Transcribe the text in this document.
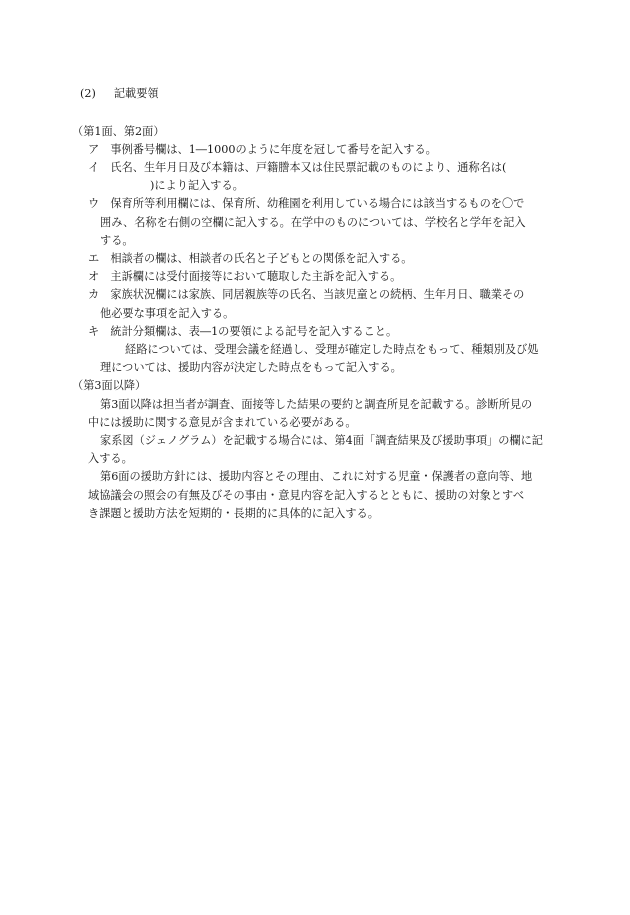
(2) 記載要領
（第1面、第2面）
ア　事例番号欄は、1―1000のように年度を冠して番号を記入する。
イ　氏名、生年月日及び本籍は、戸籍謄本又は住民票記載のものにより、通称名は(
)により記入する。
ウ　保育所等利用欄には、保育所、幼稚園を利用している場合には該当するものを〇で
囲み、名称を右側の空欄に記入する。在学中のものについては、学校名と学年を記入
する。
エ　相談者の欄は、相談者の氏名と子どもとの関係を記入する。
オ　主訴欄には受付面接等において聴取した主訴を記入する。
カ　家族状況欄には家族、同居親族等の氏名、当該児童との続柄、生年月日、職業その
他必要な事項を記入する。
キ　統計分類欄は、表―1の要領による記号を記入すること。
経路については、受理会議を経過し、受理が確定した時点をもって、種類別及び処
理については、援助内容が決定した時点をもって記入する。
（第3面以降）
第3面以降は担当者が調査、面接等した結果の要約と調査所見を記載する。診断所見の
中には援助に関する意見が含まれている必要がある。
家系図（ジェノグラム）を記載する場合には、第4面「調査結果及び援助事項」の欄に記
入する。
第6面の援助方針には、援助内容とその理由、これに対する児童・保護者の意向等、地
域協議会の照会の有無及びその事由・意見内容を記入するとともに、援助の対象とすべ
き課題と援助方法を短期的・長期的に具体的に記入する。
